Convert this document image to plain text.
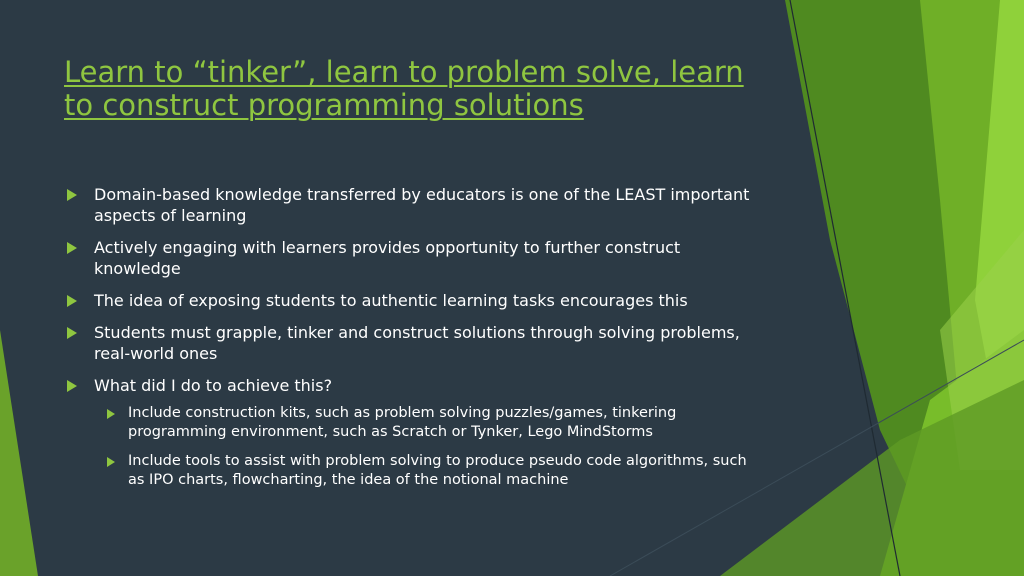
Learn to “tinker”, learn to problem solve, learn to construct programming solutions
Domain-based knowledge transferred by educators is one of the LEAST important aspects of learning
Actively engaging with learners provides opportunity to further construct knowledge
The idea of exposing students to authentic learning tasks encourages this
Students must grapple, tinker and construct solutions through solving problems, real-world ones
What did I do to achieve this?
Include construction kits, such as problem solving puzzles/games, tinkering programming environment, such as Scratch or Tynker, Lego MindStorms
Include tools to assist with problem solving to produce pseudo code algorithms, such as IPO charts, flowcharting, the idea of the notional machine
